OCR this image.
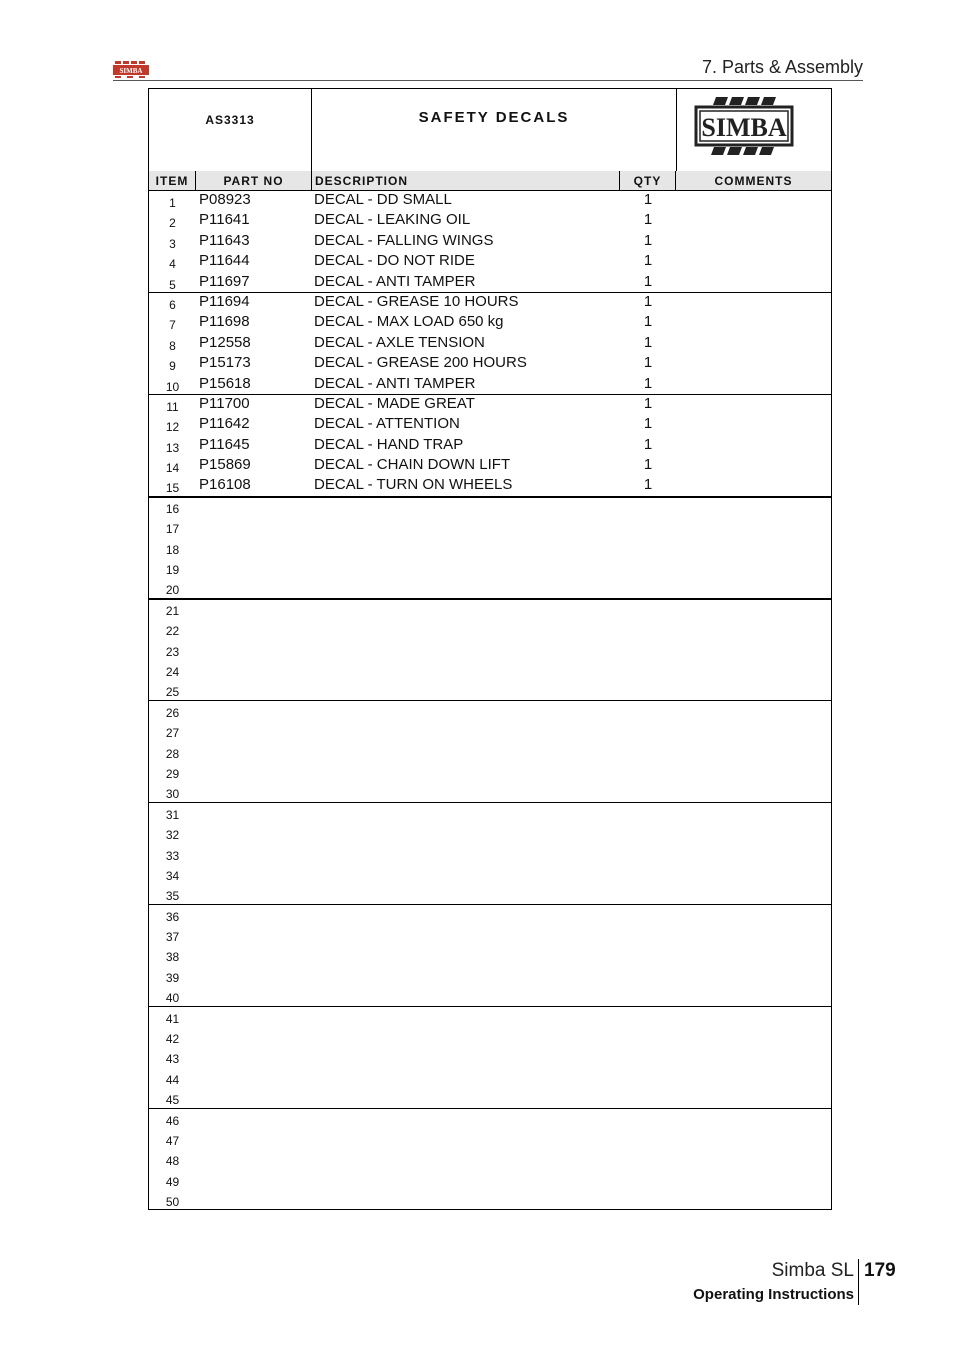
SIMBA	7. Parts & Assembly
AS3313	SAFETY DECALS	SIMBA
ITEM	PART NO	DESCRIPTION	QTY	COMMENTS
1	P08923	DECAL - DD SMALL	1
2	P11641	DECAL - LEAKING OIL	1
3	P11643	DECAL - FALLING WINGS	1
4	P11644	DECAL - DO NOT RIDE	1
5	P11697	DECAL - ANTI TAMPER	1
6	P11694	DECAL - GREASE 10 HOURS	1
7	P11698	DECAL - MAX LOAD 650 kg	1
8	P12558	DECAL - AXLE TENSION	1
9	P15173	DECAL - GREASE 200 HOURS	1
10	P15618	DECAL - ANTI TAMPER	1
11	P11700	DECAL - MADE GREAT	1
12	P11642	DECAL - ATTENTION	1
13	P11645	DECAL - HAND TRAP	1
14	P15869	DECAL - CHAIN DOWN LIFT	1
15	P16108	DECAL - TURN ON WHEELS	1
16
17
18
19
20
21
22
23
24
25
26
27
28
29
30
31
32
33
34
35
36
37
38
39
40
41
42
43
44
45
46
47
48
49
50
Simba SL 179
Operating Instructions
